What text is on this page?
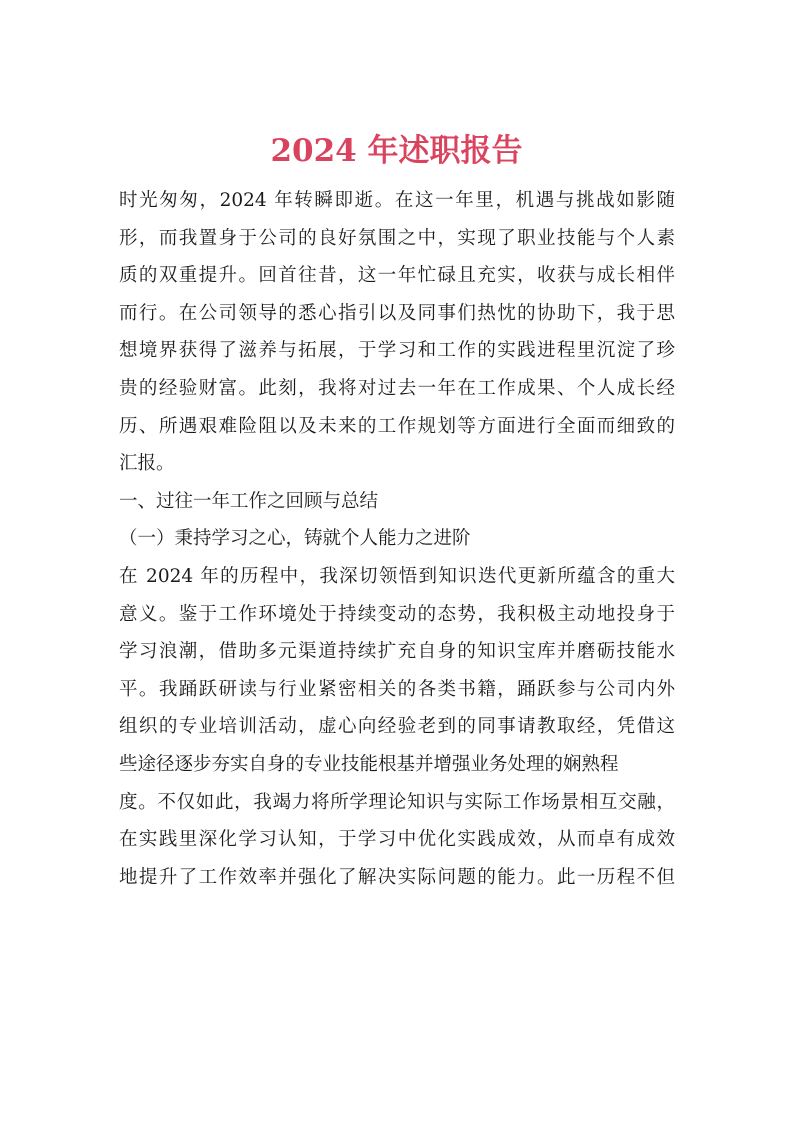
2024 年述职报告
时光匆匆，2024 年转瞬即逝。在这一年里，机遇与挑战如影随
形，而我置身于公司的良好氛围之中，实现了职业技能与个人素
质的双重提升。回首往昔，这一年忙碌且充实，收获与成长相伴
而行。在公司领导的悉心指引以及同事们热忱的协助下，我于思
想境界获得了滋养与拓展，于学习和工作的实践进程里沉淀了珍
贵的经验财富。此刻，我将对过去一年在工作成果、个人成长经
历、所遇艰难险阻以及未来的工作规划等方面进行全面而细致的
汇报。
一、过往一年工作之回顾与总结
（一）秉持学习之心，铸就个人能力之进阶
在 2024 年的历程中，我深切领悟到知识迭代更新所蕴含的重大
意义。鉴于工作环境处于持续变动的态势，我积极主动地投身于
学习浪潮，借助多元渠道持续扩充自身的知识宝库并磨砺技能水
平。我踊跃研读与行业紧密相关的各类书籍，踊跃参与公司内外
组织的专业培训活动，虚心向经验老到的同事请教取经，凭借这
些途径逐步夯实自身的专业技能根基并增强业务处理的娴熟程
度。不仅如此，我竭力将所学理论知识与实际工作场景相互交融，
在实践里深化学习认知，于学习中优化实践成效，从而卓有成效
地提升了工作效率并强化了解决实际问题的能力。此一历程不但
